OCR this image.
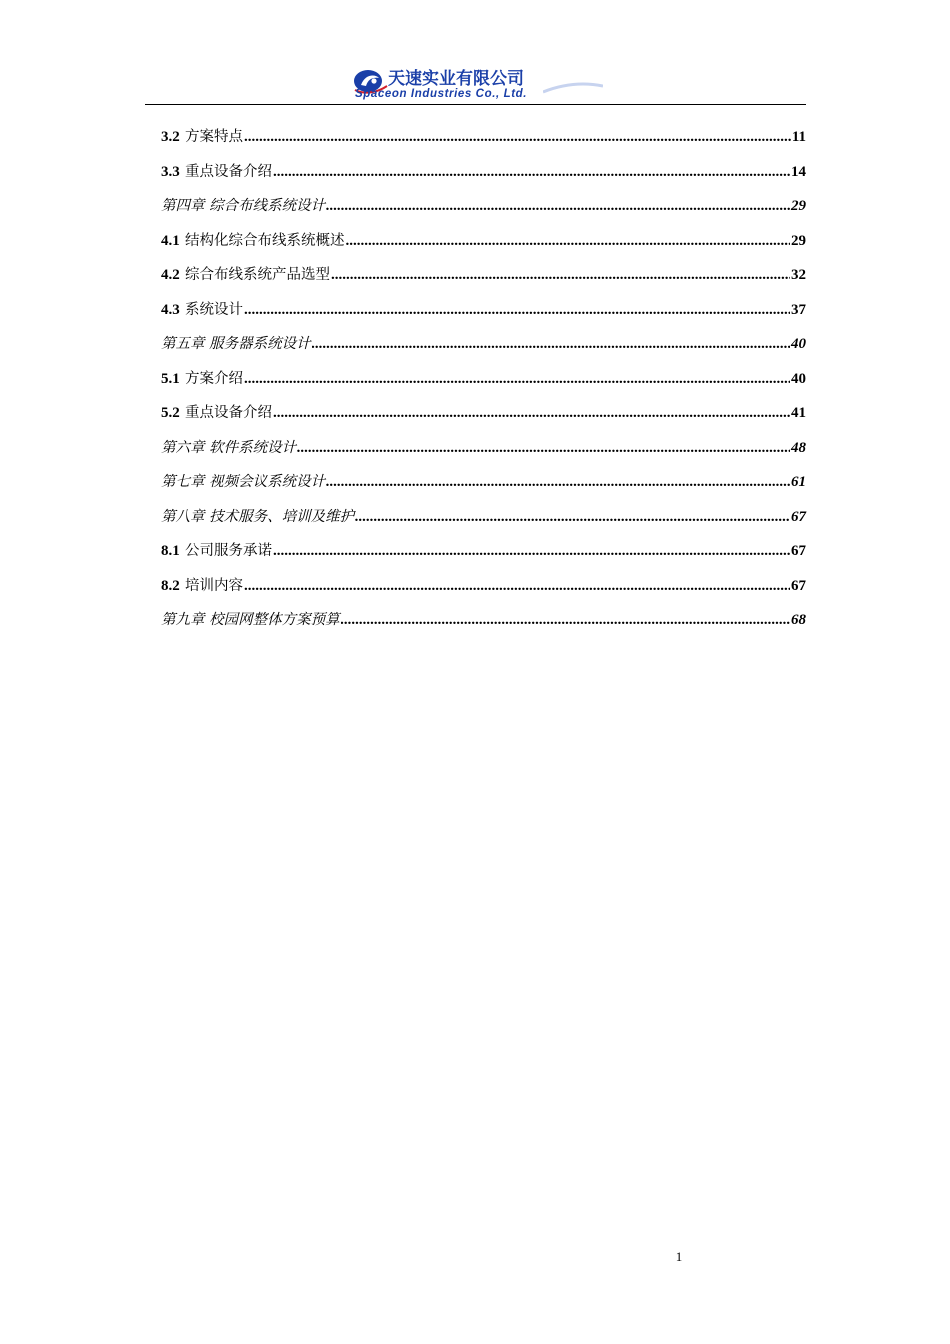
天速实业有限公司
Spaceon Industries Co., Ltd.
3.2 方案特点 .....	11
3.3 重点设备介绍 .....	14
第四章 综合布线系统设计 .....	29
4.1 结构化综合布线系统概述 .....	29
4.2 综合布线系统产品选型 .....	32
4.3 系统设计 .....	37
第五章 服务器系统设计 .....	40
5.1 方案介绍 .....	40
5.2 重点设备介绍 .....	41
第六章 软件系统设计 .....	48
第七章 视频会议系统设计 .....	61
第八章 技术服务、培训及维护 .....	67
8.1 公司服务承诺 .....	67
8.2 培训内容 .....	67
第九章 校园网整体方案预算 .....	68
1
